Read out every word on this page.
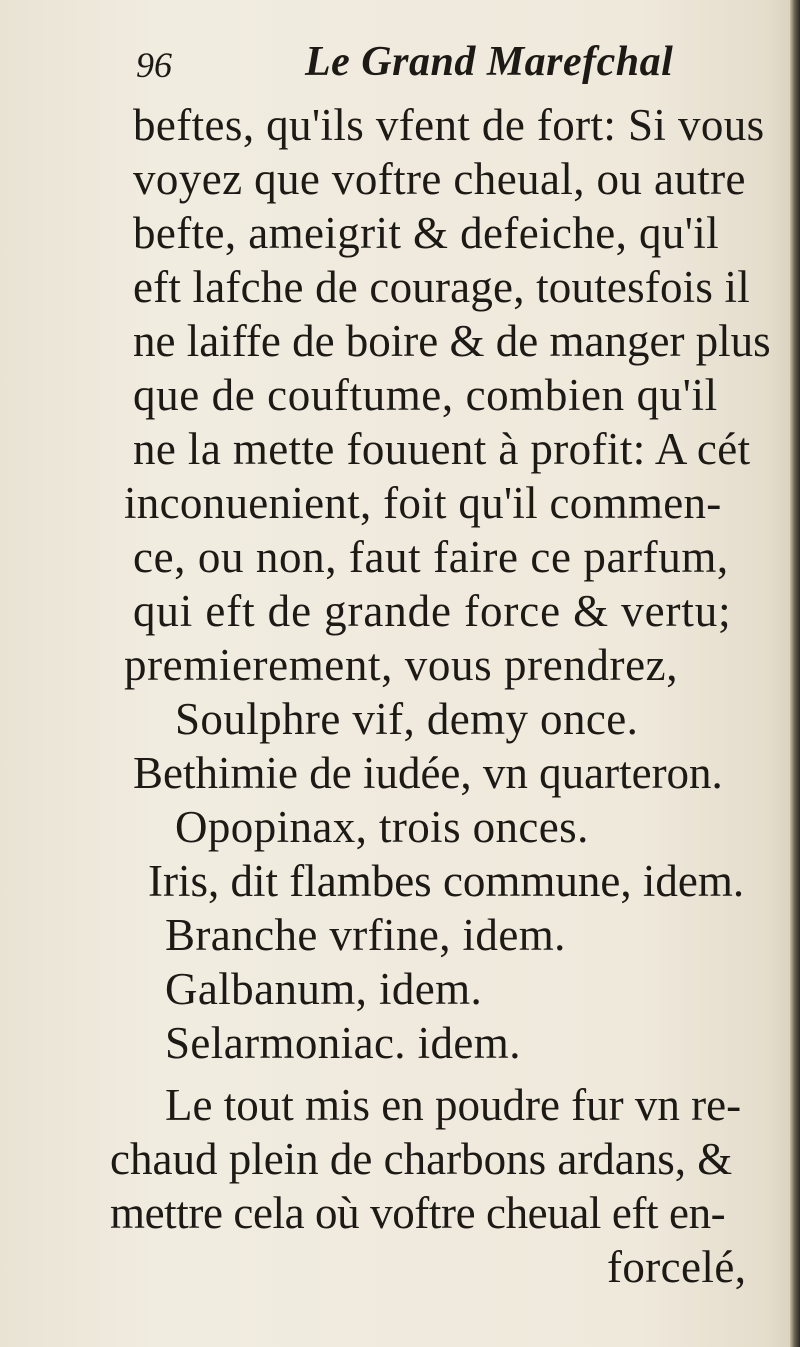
96	Le Grand Marefchal
beftes, qu'ils vfent de fort: Si vous
voyez que voftre cheual, ou autre
befte, ameigrit & defeiche, qu'il
eft lafche de courage, toutesfois il
ne laiffe de boire & de manger plus
que de couftume, combien qu'il
ne la mette fouuent à profit: A cét
inconuenient, foit qu'il commen-
ce, ou non, faut faire ce parfum,
qui eft de grande force & vertu;
premierement, vous prendrez,
Soulphre vif, demy once.
Bethimie de iudée, vn quarteron.
Opopinax, trois onces.
Iris, dit flambes commune, idem.
Branche vrfine, idem.
Galbanum, idem.
Selarmoniac. idem.
Le tout mis en poudre fur vn re-
chaud plein de charbons ardans, &
mettre cela où voftre cheual eft en-
forcelé,
